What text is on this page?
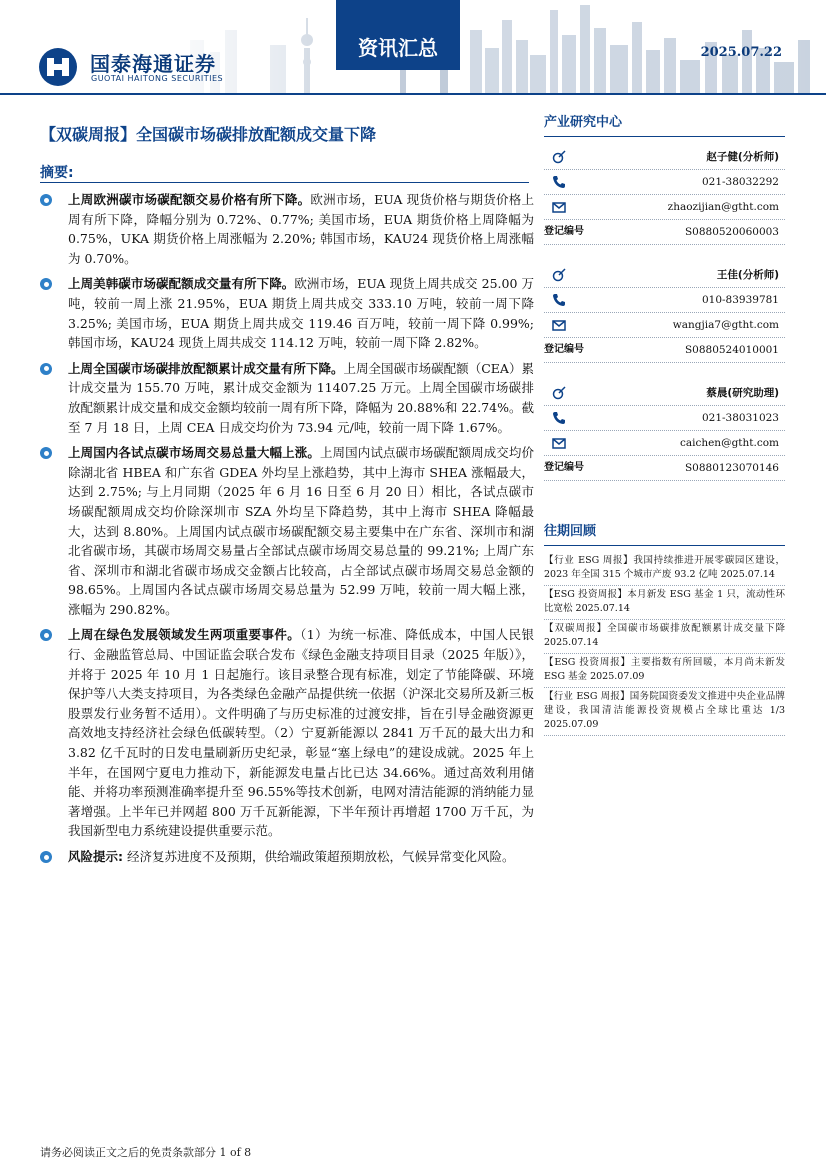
国泰海通证券
GUOTAI HAITONG SECURITIES
资讯汇总	2025.07.22
【双碳周报】全国碳市场碳排放配额成交量下降
摘要:
上周欧洲碳市场碳配额交易价格有所下降。欧洲市场，EUA 现货价格与期货价格上周有所下降，降幅分别为 0.72%、0.77%; 美国市场，EUA 期货价格上周降幅为 0.75%，UKA 期货价格上周涨幅为 2.20%; 韩国市场，KAU24 现货价格上周涨幅为 0.70%。
上周美韩碳市场碳配额成交量有所下降。欧洲市场，EUA 现货上周共成交 25.00 万吨，较前一周上涨 21.95%，EUA 期货上周共成交 333.10 万吨，较前一周下降 3.25%; 美国市场，EUA 期货上周共成交 119.46 百万吨，较前一周下降 0.99%; 韩国市场，KAU24 现货上周共成交 114.12 万吨，较前一周下降 2.82%。
上周全国碳市场碳排放配额累计成交量有所下降。上周全国碳市场碳配额（CEA）累计成交量为 155.70 万吨，累计成交金额为 11407.25 万元。上周全国碳市场碳排放配额累计成交量和成交金额均较前一周有所下降，降幅为 20.88%和 22.74%。截至 7 月 18 日，上周 CEA 日成交均价为 73.94 元/吨，较前一周下降 1.67%。
上周国内各试点碳市场周交易总量大幅上涨。上周国内试点碳市场碳配额周成交均价除湖北省 HBEA 和广东省 GDEA 外均呈上涨趋势，其中上海市 SHEA 涨幅最大，达到 2.75%; 与上月同期（2025 年 6 月 16 日至 6 月 20 日）相比，各试点碳市场碳配额周成交均价除深圳市 SZA 外均呈下降趋势，其中上海市 SHEA 降幅最大，达到 8.80%。上周国内试点碳市场碳配额交易主要集中在广东省、深圳市和湖北省碳市场，其碳市场周交易量占全部试点碳市场周交易总量的 99.21%; 上周广东省、深圳市和湖北省碳市场成交金额占比较高，占全部试点碳市场周交易总金额的 98.65%。上周国内各试点碳市场周交易总量为 52.99 万吨，较前一周大幅上涨，涨幅为 290.82%。
上周在绿色发展领域发生两项重要事件。（1）为统一标准、降低成本，中国人民银行、金融监管总局、中国证监会联合发布《绿色金融支持项目目录（2025 年版）》，并将于 2025 年 10 月 1 日起施行。该目录整合现有标准，划定了节能降碳、环境保护等八大类支持项目，为各类绿色金融产品提供统一依据（沪深北交易所及新三板股票发行业务暂不适用）。文件明确了与历史标准的过渡安排，旨在引导金融资源更高效地支持经济社会绿色低碳转型。（2）宁夏新能源以 2841 万千瓦的最大出力和 3.82 亿千瓦时的日发电量刷新历史纪录，彰显“塞上绿电”的建设成就。2025 年上半年，在国网宁夏电力推动下，新能源发电量占比已达 34.66%。通过高效利用储能、并将功率预测准确率提升至 96.55%等技术创新，电网对清洁能源的消纳能力显著增强。上半年已并网超 800 万千瓦新能源，下半年预计再增超 1700 万千瓦，为我国新型电力系统建设提供重要示范。
风险提示: 经济复苏进度不及预期，供给端政策超预期放松，气候异常变化风险。
产业研究中心
赵子健(分析师)
021-38032292
zhaozijian@gtht.com
登记编号	S0880520060003
王佳(分析师)
010-83939781
wangjia7@gtht.com
登记编号	S0880524010001
蔡晨(研究助理)
021-38031023
caichen@gtht.com
登记编号	S0880123070146
往期回顾
【行业 ESG 周报】我国持续推进开展零碳园区建设，2023 年全国 315 个城市产废 93.2 亿吨 2025.07.14
【ESG 投资周报】本月新发 ESG 基金 1 只，流动性环比宽松 2025.07.14
【双碳周报】全国碳市场碳排放配额累计成交量下降 2025.07.14
【ESG 投资周报】主要指数有所回暖，本月尚未新发 ESG 基金 2025.07.09
【行业 ESG 周报】国务院国资委发文推进中央企业品牌建设，我国清洁能源投资规模占全球比重达 1/3 2025.07.09
请务必阅读正文之后的免责条款部分 1 of 8
